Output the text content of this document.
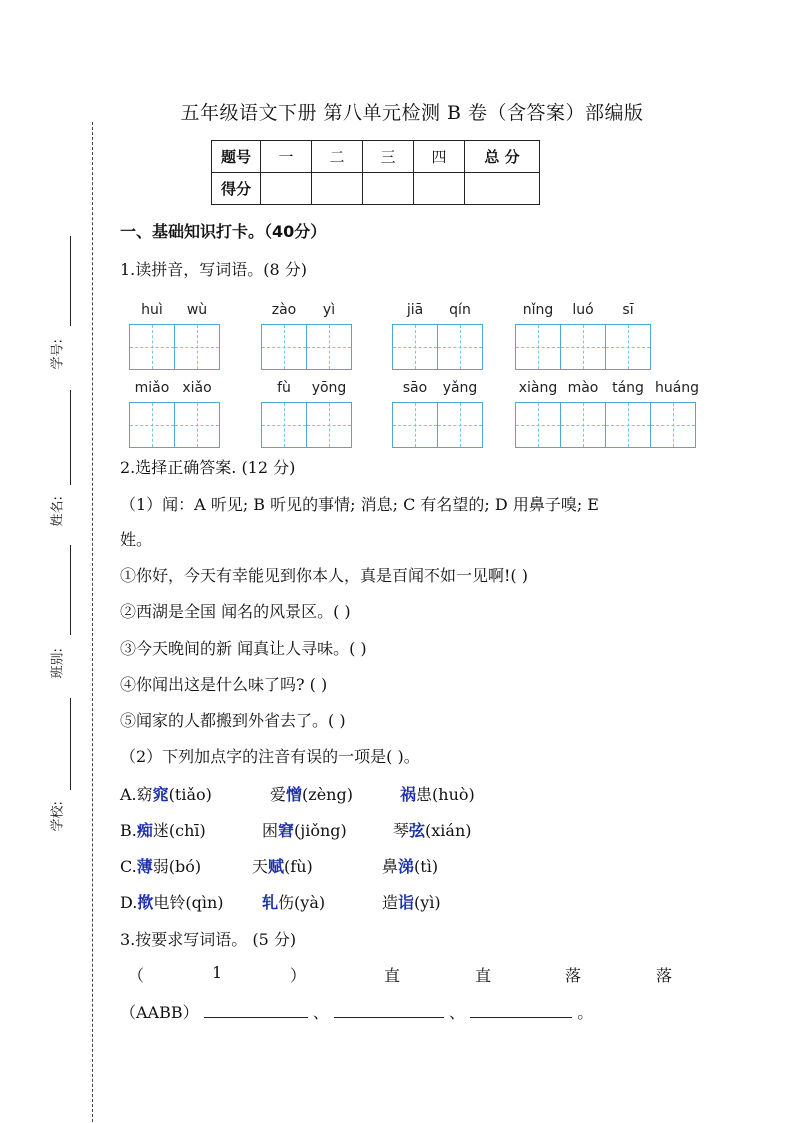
学号:
姓名:
班别:
学校:
五年级语文下册 第八单元检测 B 卷（含答案）部编版
题号	一	二	三	四	总 分
得分					
一、基础知识打卡。（40分）
1.读拼音，写词语。(8 分)
huì	wù	zào	yì	jiā	qín	nǐng	luó	sī
miǎo xiǎo	fù	yōng	sāo	yǎng	xiàng mào táng huáng
2.选择正确答案. (12 分)
（1）闻：A 听见; B 听见的事情; 消息; C 有名望的; D 用鼻子嗅; E
姓。
①你好，今天有幸能见到你本人，真是百闻不如一见啊!( )
②西湖是全国 闻名的风景区。( )
③今天晚间的新 闻真让人寻味。( )
④你闻出这是什么味了吗? ( )
⑤闻家的人都搬到外省去了。( )
（2）下列加点字的注音有误的一项是( )。
A.窈窕(tiǎo)	爱憎(zèng)	祸患(huò)
B.痴迷(chī)	困窘(jiǒng)	琴弦(xián)
C.薄弱(bó)	天赋(fù)	鼻涕(tì)
D.揿电铃(qìn) 轧伤(yà)	造诣(yì)
3.按要求写词语。 (5 分)
（	1	）	直	直	落	落
（AABB）	、	、	。
